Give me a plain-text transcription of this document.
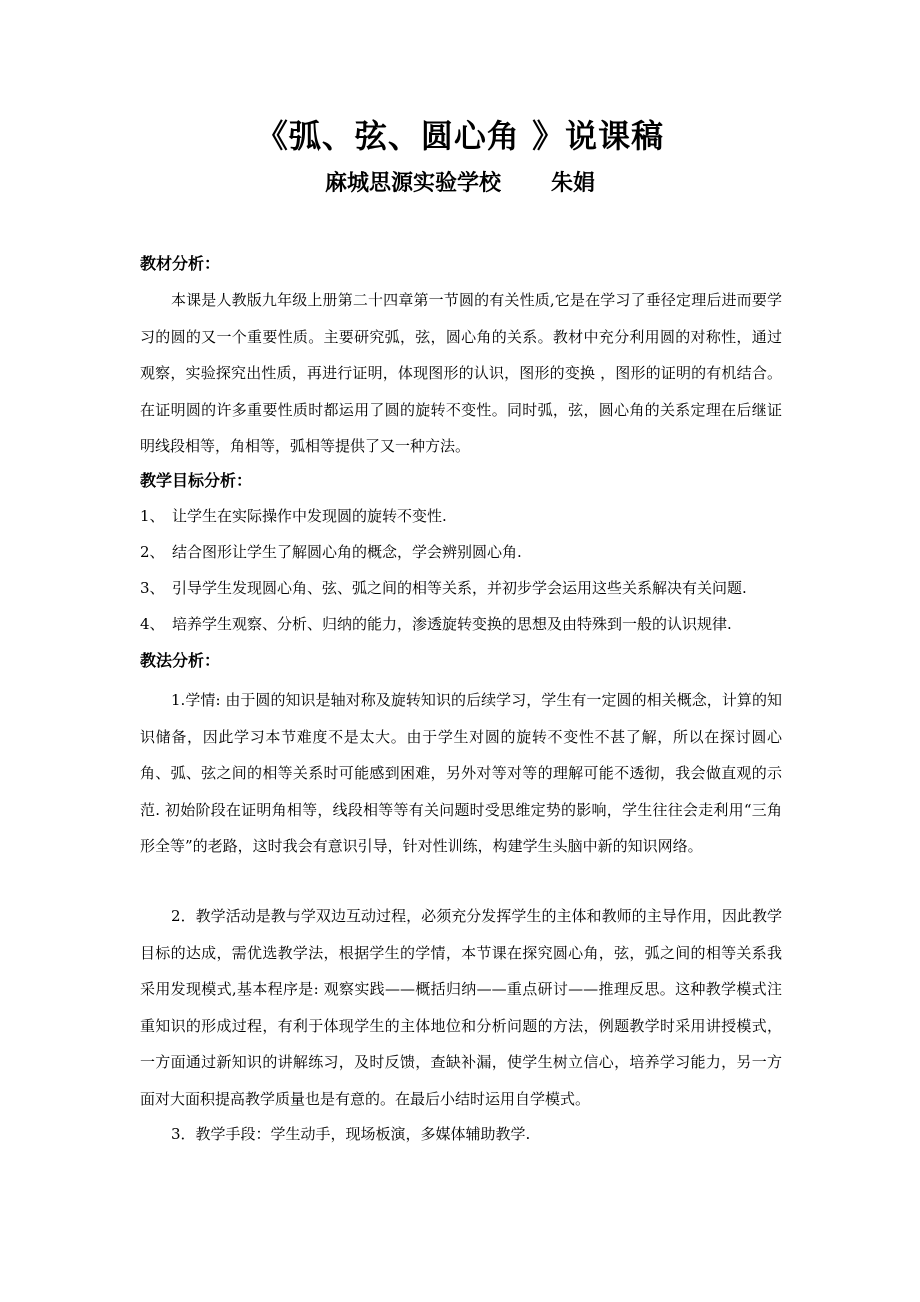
《弧、弦、圆心角 》说课稿
麻城思源实验学校 朱娟
教材分析：
本课是人教版九年级上册第二十四章第一节圆的有关性质,它是在学习了垂径定理后进而要学习的圆的又一个重要性质。主要研究弧，弦，圆心角的关系。教材中充分利用圆的对称性，通过观察，实验探究出性质，再进行证明，体现图形的认识，图形的变换 ，图形的证明的有机结合。在证明圆的许多重要性质时都运用了圆的旋转不变性。同时弧，弦，圆心角的关系定理在后继证明线段相等，角相等，弧相等提供了又一种方法。
教学目标分析：
1、 让学生在实际操作中发现圆的旋转不变性.
2、 结合图形让学生了解圆心角的概念，学会辨别圆心角.
3、 引导学生发现圆心角、弦、弧之间的相等关系，并初步学会运用这些关系解决有关问题.
4、 培养学生观察、分析、归纳的能力，渗透旋转变换的思想及由特殊到一般的认识规律.
教法分析：
1.学情: 由于圆的知识是轴对称及旋转知识的后续学习，学生有一定圆的相关概念，计算的知识储备，因此学习本节难度不是太大。由于学生对圆的旋转不变性不甚了解，所以在探讨圆心角、弧、弦之间的相等关系时可能感到困难，另外对等对等的理解可能不透彻，我会做直观的示范. 初始阶段在证明角相等，线段相等等有关问题时受思维定势的影响，学生往往会走利用“三角形全等”的老路，这时我会有意识引导，针对性训练，构建学生头脑中新的知识网络。
2．教学活动是教与学双边互动过程，必须充分发挥学生的主体和教师的主导作用，因此教学目标的达成，需优选教学法，根据学生的学情，本节课在探究圆心角，弦，弧之间的相等关系我采用发现模式,基本程序是: 观察实践——概括归纳——重点研讨——推理反思。这种教学模式注重知识的形成过程，有利于体现学生的主体地位和分析问题的方法，例题教学时采用讲授模式，一方面通过新知识的讲解练习，及时反馈，查缺补漏，使学生树立信心，培养学习能力，另一方面对大面积提高教学质量也是有意的。在最后小结时运用自学模式。
3．教学手段：学生动手，现场板演，多媒体辅助教学.
